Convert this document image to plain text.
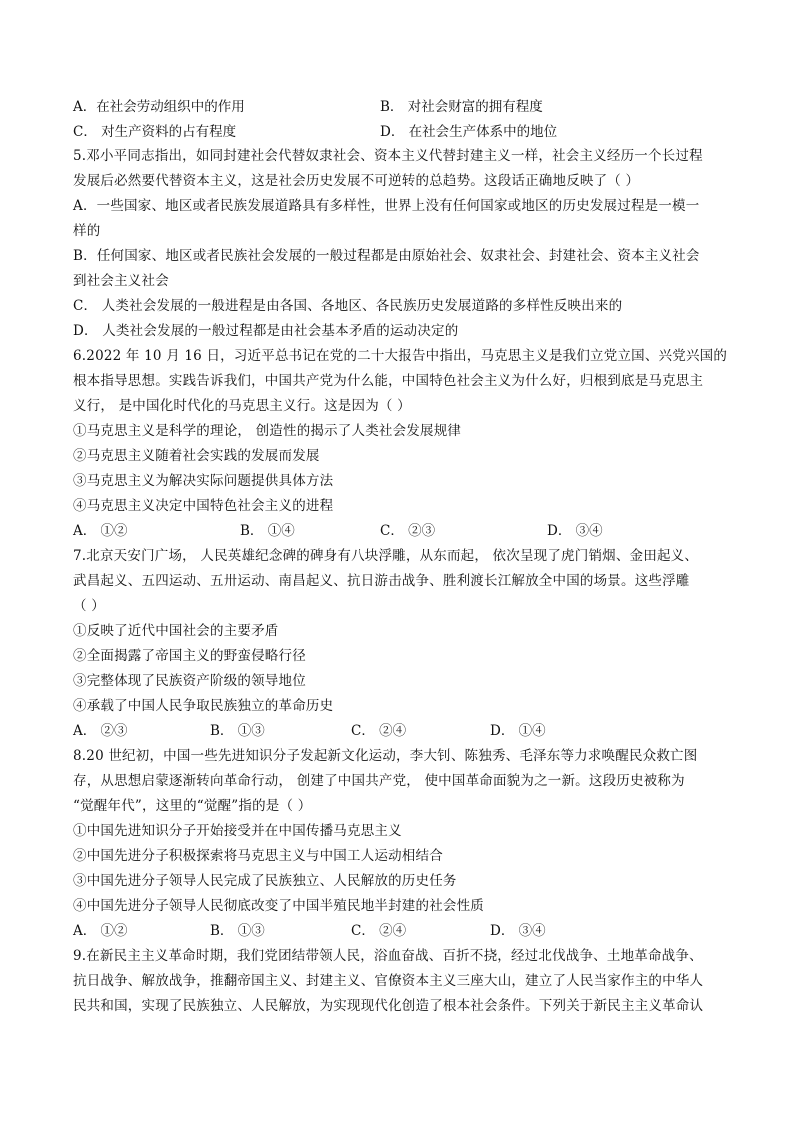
A．在社会劳动组织中的作用	B． 对社会财富的拥有程度
C． 对生产资料的占有程度	D． 在社会生产体系中的地位
5.邓小平同志指出，如同封建社会代替奴隶社会、资本主义代替封建主义一样，社会主义经历一个长过程
发展后必然要代替资本主义，这是社会历史发展不可逆转的总趋势。这段话正确地反映了（ ）
A．一些国家、地区或者民族发展道路具有多样性，世界上没有任何国家或地区的历史发展过程是一模一
样的
B．任何国家、地区或者民族社会发展的一般过程都是由原始社会、奴隶社会、封建社会、资本主义社会
到社会主义社会
C． 人类社会发展的一般进程是由各国、各地区、各民族历史发展道路的多样性反映出来的
D． 人类社会发展的一般过程都是由社会基本矛盾的运动决定的
6.2022 年 10 月 16 日，习近平总书记在党的二十大报告中指出，马克思主义是我们立党立国、兴党兴国的
根本指导思想。实践告诉我们，中国共产党为什么能，中国特色社会主义为什么好，归根到底是马克思主
义行， 是中国化时代化的马克思主义行。这是因为（ ）
①马克思主义是科学的理论， 创造性的揭示了人类社会发展规律
②马克思主义随着社会实践的发展而发展
③马克思主义为解决实际问题提供具体方法
④马克思主义决定中国特色社会主义的进程
A． ①②	B． ①④	C． ②③	D． ③④
7.北京天安门广场， 人民英雄纪念碑的碑身有八块浮雕，从东而起， 依次呈现了虎门销烟、金田起义、
武昌起义、五四运动、五卅运动、南昌起义、抗日游击战争、胜利渡长江解放全中国的场景。这些浮雕
（ ）
①反映了近代中国社会的主要矛盾
②全面揭露了帝国主义的野蛮侵略行径
③完整体现了民族资产阶级的领导地位
④承载了中国人民争取民族独立的革命历史
A． ②③	B． ①③	C． ②④	D． ①④
8.20 世纪初，中国一些先进知识分子发起新文化运动，李大钊、陈独秀、毛泽东等力求唤醒民众救亡图
存，从思想启蒙逐渐转向革命行动， 创建了中国共产党， 使中国革命面貌为之一新。这段历史被称为
“觉醒年代”，这里的“觉醒”指的是（ ）
①中国先进知识分子开始接受并在中国传播马克思主义
②中国先进分子积极探索将马克思主义与中国工人运动相结合
③中国先进分子领导人民完成了民族独立、人民解放的历史任务
④中国先进分子领导人民彻底改变了中国半殖民地半封建的社会性质
A． ①②	B． ①③	C． ②④	D． ③④
9.在新民主主义革命时期，我们党团结带领人民，浴血奋战、百折不挠，经过北伐战争、土地革命战争、
抗日战争、解放战争，推翻帝国主义、封建主义、官僚资本主义三座大山，建立了人民当家作主的中华人
民共和国，实现了民族独立、人民解放，为实现现代化创造了根本社会条件。下列关于新民主主义革命认
